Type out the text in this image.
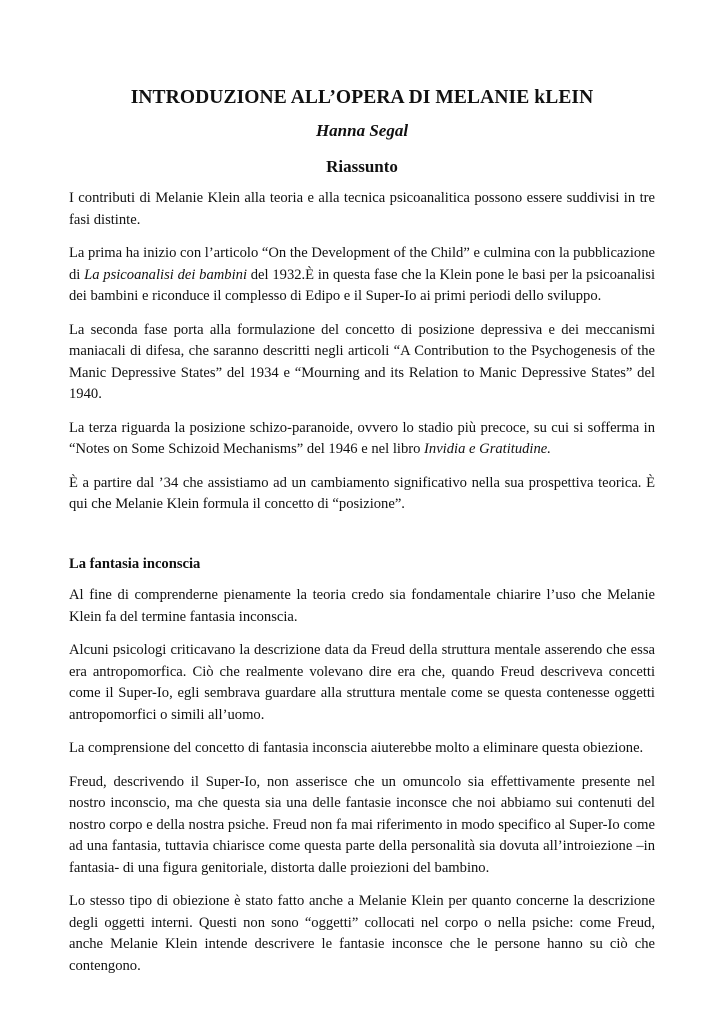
INTRODUZIONE ALL’OPERA DI MELANIE kLEIN
Hanna Segal
Riassunto

I contributi di Melanie Klein alla teoria e alla tecnica psicoanalitica possono essere suddivisi in tre fasi distinte.

La prima ha inizio con l’articolo “On the Development of the Child” e culmina con la pubblicazione di La psicoanalisi dei bambini del 1932.È in questa fase che la Klein pone le basi per la psicoanalisi dei bambini e riconduce il complesso di Edipo e il Super-Io ai primi periodi dello sviluppo.

La seconda fase porta alla formulazione del concetto di posizione depressiva e dei meccanismi maniacali di difesa, che saranno descritti negli articoli “A Contribution to the Psychogenesis of the Manic Depressive States” del 1934 e “Mourning and its Relation to Manic Depressive States” del 1940.

La terza riguarda la posizione schizo-paranoide, ovvero lo stadio più precoce, su cui si sofferma in “Notes on Some Schizoid Mechanisms” del 1946 e nel libro Invidia e Gratitudine.

È a partire dal ’34 che assistiamo ad un cambiamento significativo nella sua prospettiva teorica. È qui che Melanie Klein formula il concetto di “posizione”.

La fantasia inconscia

Al fine di comprenderne pienamente la teoria credo sia fondamentale chiarire l’uso che Melanie Klein fa del termine fantasia inconscia.

Alcuni psicologi criticavano la descrizione data da Freud della struttura mentale asserendo che essa era antropomorfica. Ciò che realmente volevano dire era che, quando Freud descriveva concetti come il Super-Io, egli sembrava guardare alla struttura mentale come se questa contenesse oggetti antropomorfici o simili all’uomo.

La comprensione del concetto di fantasia inconscia aiuterebbe molto a eliminare questa obiezione.

Freud, descrivendo il Super-Io, non asserisce che un omuncolo sia effettivamente presente nel nostro inconscio, ma che questa sia una delle fantasie inconsce che noi abbiamo sui contenuti del nostro corpo e della nostra psiche. Freud non fa mai riferimento in modo specifico al Super-Io come ad una fantasia, tuttavia chiarisce come questa parte della personalità sia dovuta all’introiezione –in fantasia- di una figura genitoriale, distorta dalle proiezioni del bambino.

Lo stesso tipo di obiezione è stato fatto anche a Melanie Klein per quanto concerne la descrizione degli oggetti interni. Questi non sono “oggetti” collocati nel corpo o nella psiche: come Freud, anche Melanie Klein intende descrivere le fantasie inconsce che le persone hanno su ciò che contengono.
